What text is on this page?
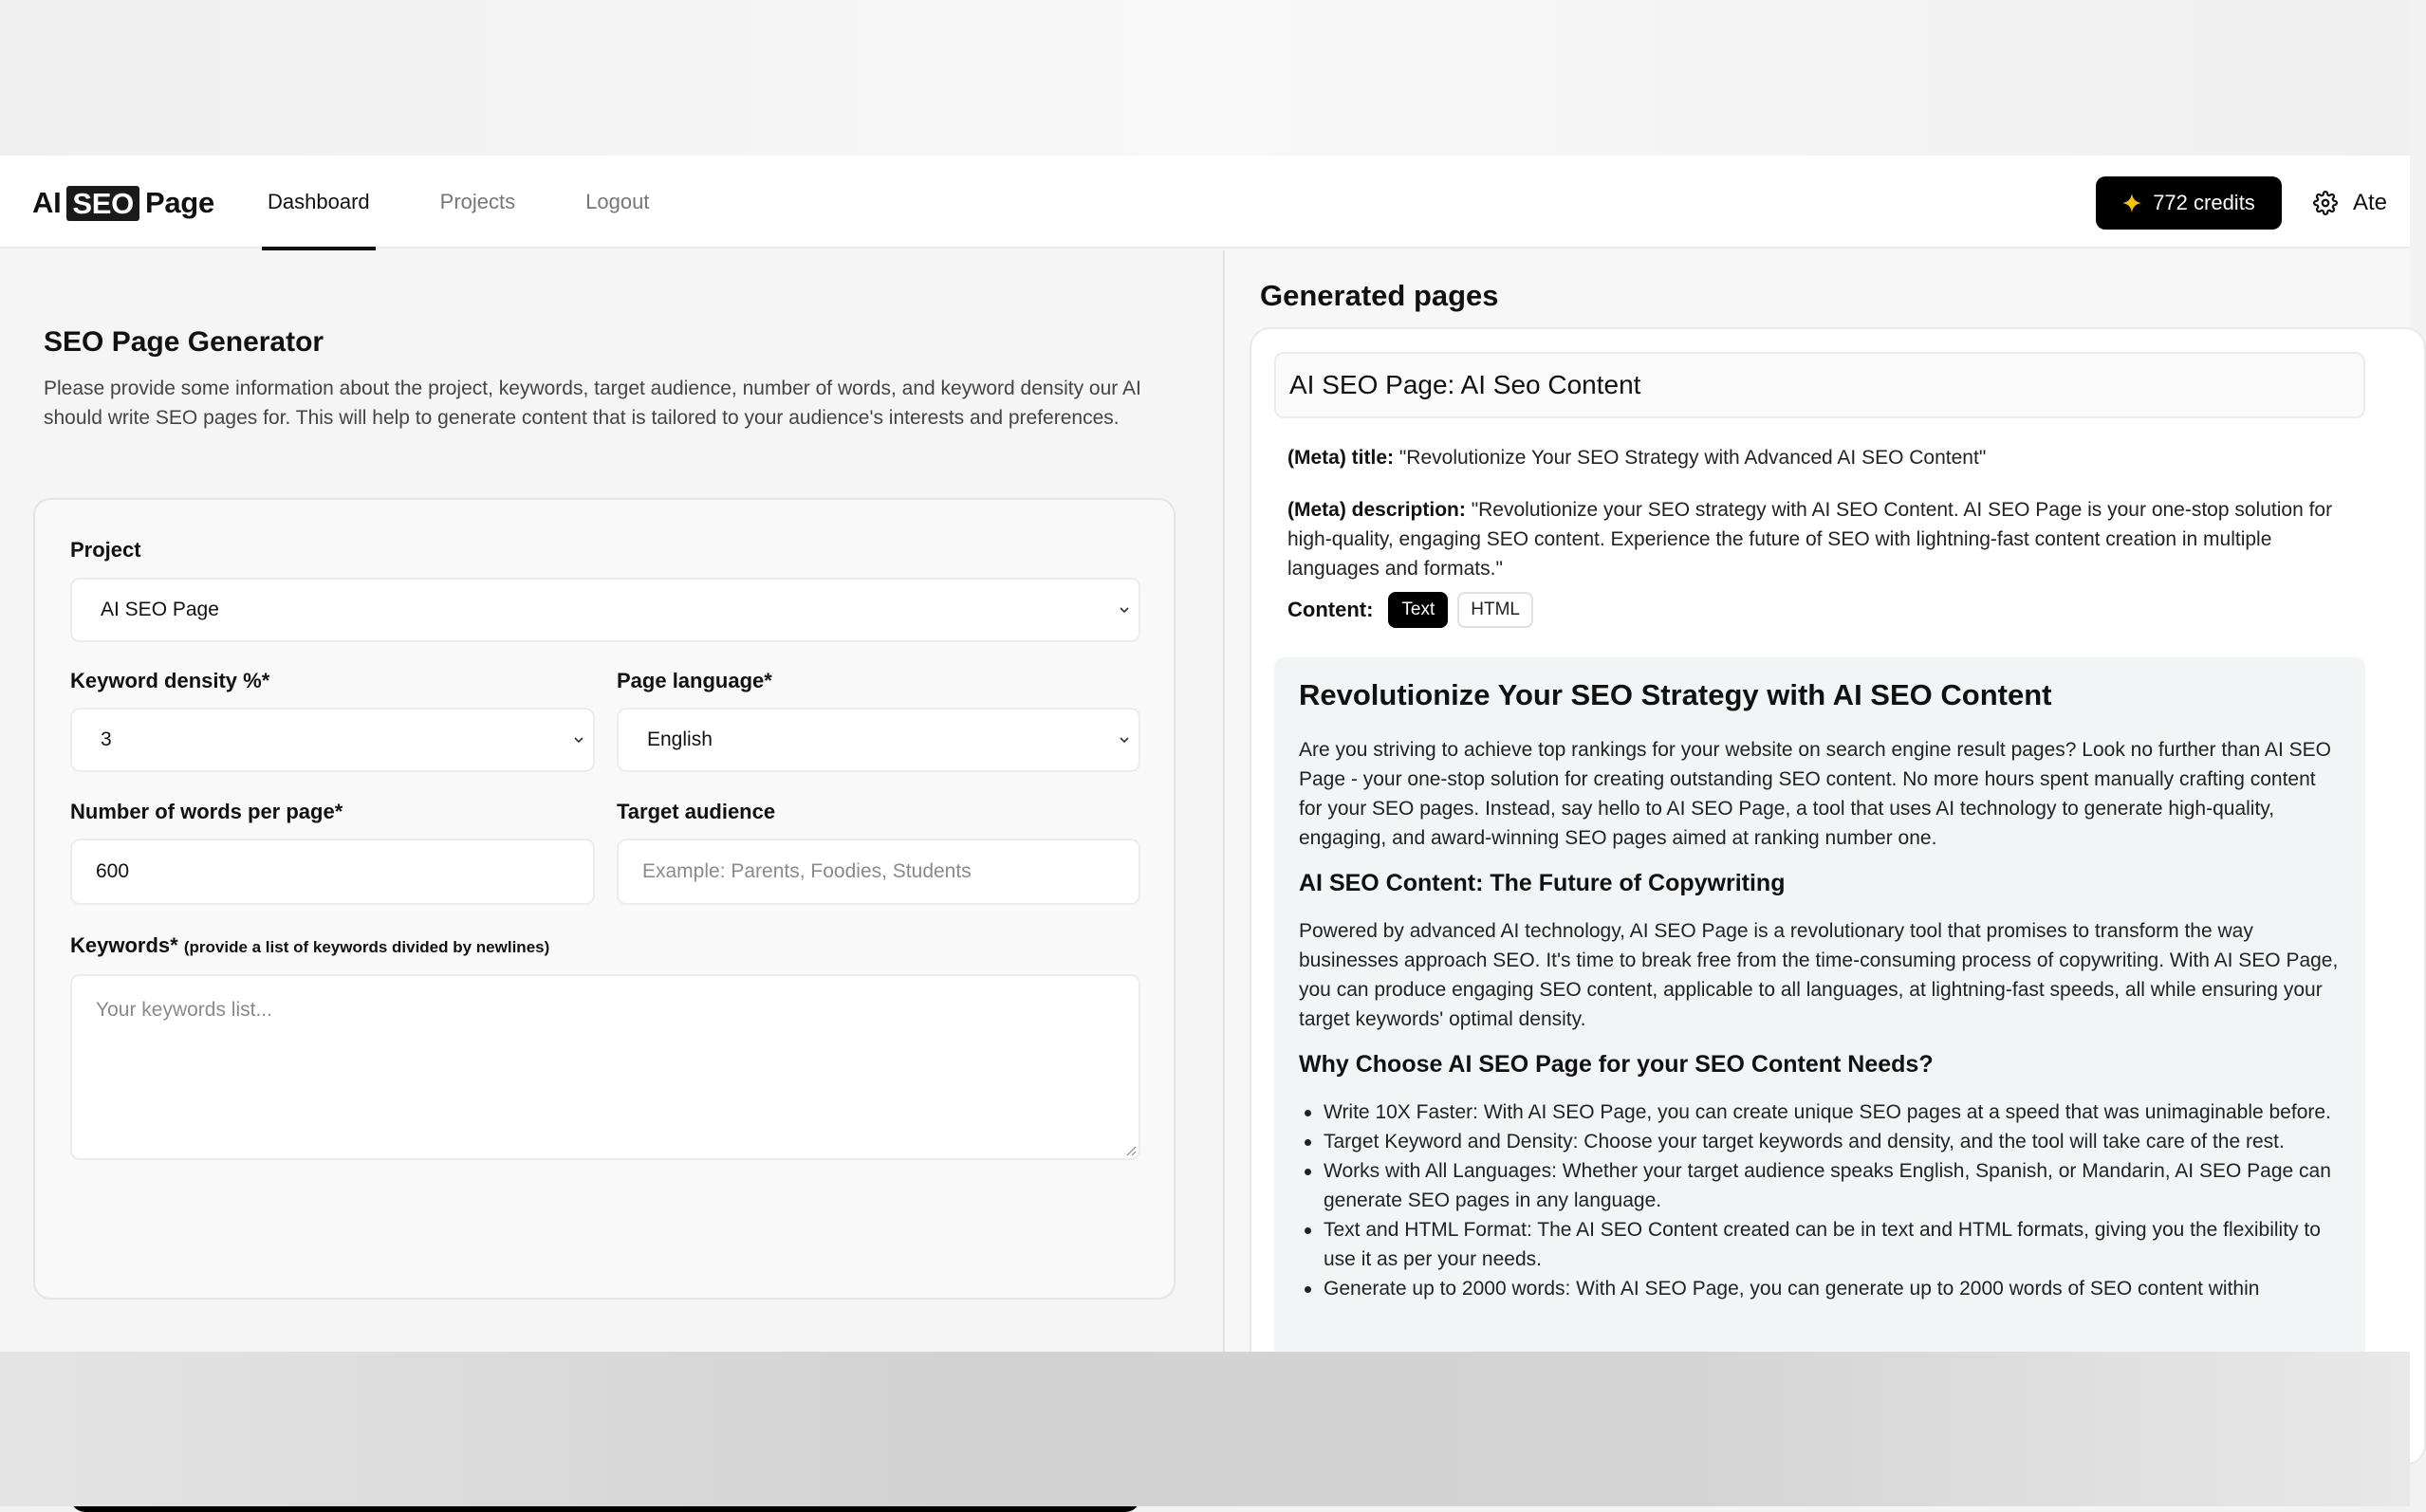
AI SEO Page	Dashboard	Projects	Logout	772 credits	Ate
SEO Page Generator
Please provide some information about the project, keywords, target audience, number of words, and keyword density our AI should write SEO pages for. This will help to generate content that is tailored to your audience's interests and preferences.
Project
AI SEO Page
Keyword density %*
3
Page language*
English
Number of words per page*
600
Target audience
Example: Parents, Foodies, Students
Keywords* (provide a list of keywords divided by newlines)
Your keywords list...
Generated pages
AI SEO Page: AI Seo Content
(Meta) title: "Revolutionize Your SEO Strategy with Advanced AI SEO Content"
(Meta) description: "Revolutionize your SEO strategy with AI SEO Content. AI SEO Page is your one-stop solution for high-quality, engaging SEO content. Experience the future of SEO with lightning-fast content creation in multiple languages and formats."
Content:	Text	HTML
Revolutionize Your SEO Strategy with AI SEO Content

Are you striving to achieve top rankings for your website on search engine result pages? Look no further than AI SEO Page - your one-stop solution for creating outstanding SEO content. No more hours spent manually crafting content for your SEO pages. Instead, say hello to AI SEO Page, a tool that uses AI technology to generate high-quality, engaging, and award-winning SEO pages aimed at ranking number one.

AI SEO Content: The Future of Copywriting

Powered by advanced AI technology, AI SEO Page is a revolutionary tool that promises to transform the way businesses approach SEO. It's time to break free from the time-consuming process of copywriting. With AI SEO Page, you can produce engaging SEO content, applicable to all languages, at lightning-fast speeds, all while ensuring your target keywords' optimal density.

Why Choose AI SEO Page for your SEO Content Needs?
Write 10X Faster: With AI SEO Page, you can create unique SEO pages at a speed that was unimaginable before.
Target Keyword and Density: Choose your target keywords and density, and the tool will take care of the rest.
Works with All Languages: Whether your target audience speaks English, Spanish, or Mandarin, AI SEO Page can generate SEO pages in any language.
Text and HTML Format: The AI SEO Content created can be in text and HTML formats, giving you the flexibility to use it as per your needs.
Generate up to 2000 words: With AI SEO Page, you can generate up to 2000 words of SEO content within
